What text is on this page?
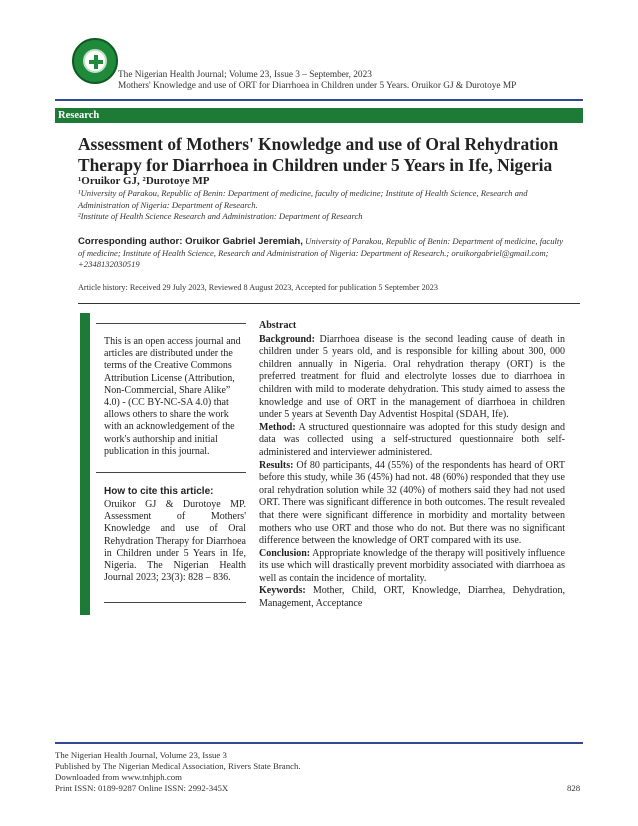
The Nigerian Health Journal; Volume 23, Issue 3 – September, 2023
Mothers' Knowledge and use of ORT for Diarrhoea in Children under 5 Years. Oruikor GJ & Durotoye MP
Research
Assessment of Mothers' Knowledge and use of Oral Rehydration Therapy for Diarrhoea in Children under 5 Years in Ife, Nigeria
¹Oruikor GJ, ²Durotoye MP
¹University of Parakou, Republic of Benin: Department of medicine, faculty of medicine; Institute of Health Science, Research and Administration of Nigeria: Department of Research.
²Institute of Health Science Research and Administration: Department of Research
Corresponding author: Oruikor Gabriel Jeremiah, University of Parakou, Republic of Benin: Department of medicine, faculty of medicine; Institute of Health Science, Research and Administration of Nigeria: Department of Research.; oruikorgabriel@gmail.com; +2348132030519
Article history: Received 29 July 2023, Reviewed 8 August 2023, Accepted for publication 5 September 2023
This is an open access journal and articles are distributed under the terms of the Creative Commons Attribution License (Attribution, Non-Commercial, Share Alike” 4.0) - (CC BY-NC-SA 4.0) that allows others to share the work with an acknowledgement of the work's authorship and initial publication in this journal.
How to cite this article:
Oruikor GJ & Durotoye MP. Assessment of Mothers' Knowledge and use of Oral Rehydration Therapy for Diarrhoea in Children under 5 Years in Ife, Nigeria. The Nigerian Health Journal 2023; 23(3): 828 – 836.

Abstract

Background: Diarrhoea disease is the second leading cause of death in children under 5 years old, and is responsible for killing about 300, 000 children annually in Nigeria. Oral rehydration therapy (ORT) is the preferred treatment for fluid and electrolyte losses due to diarrhoea in children with mild to moderate dehydration. This study aimed to assess the knowledge and use of ORT in the management of diarrhoea in children under 5 years at Seventh Day Adventist Hospital (SDAH, Ife).

Method: A structured questionnaire was adopted for this study design and data was collected using a self-structured questionnaire both self-administered and interviewer administered.

Results: Of 80 participants, 44 (55%) of the respondents has heard of ORT before this study, while 36 (45%) had not. 48 (60%) responded that they use oral rehydration solution while 32 (40%) of mothers said they had not used ORT. There was significant difference in both outcomes. The result revealed that there were significant difference in morbidity and mortality between mothers who use ORT and those who do not. But there was no significant difference between the knowledge of ORT compared with its use.

Conclusion: Appropriate knowledge of the therapy will positively influence its use which will drastically prevent morbidity associated with diarrhoea as well as contain the incidence of mortality.

Keywords: Mother, Child, ORT, Knowledge, Diarrhea, Dehydration, Management, Acceptance

The Nigerian Health Journal, Volume 23, Issue 3
Published by The Nigerian Medical Association, Rivers State Branch.
Downloaded from www.tnhjph.com
Print ISSN: 0189-9287 Online ISSN: 2992-345X	828
